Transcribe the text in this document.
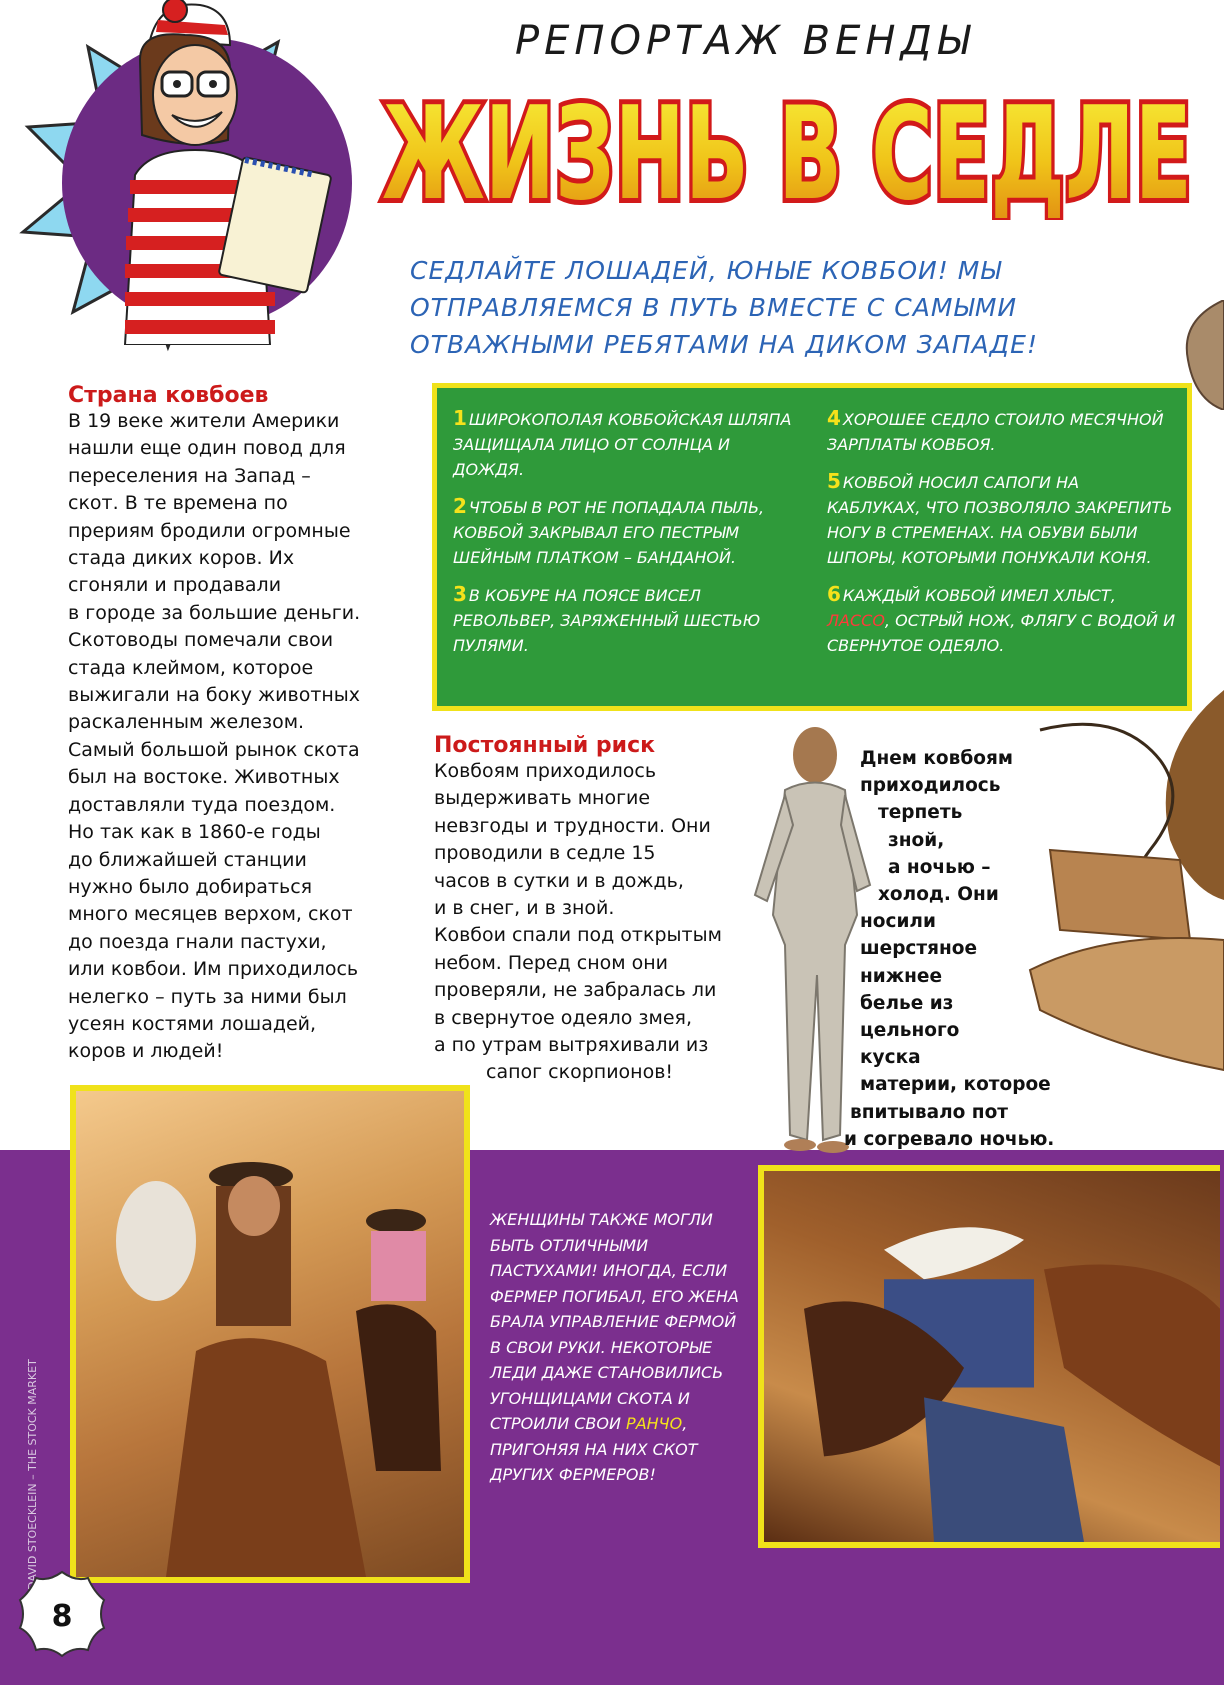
РЕПОРТАЖ ВЕНДЫ
ЖИЗНЬ В СЕДЛЕ
СЕДЛАЙТЕ ЛОШАДЕЙ, ЮНЫЕ КОВБОИ! МЫ
ОТПРАВЛЯЕМСЯ В ПУТЬ ВМЕСТЕ С САМЫМИ
ОТВАЖНЫМИ РЕБЯТАМИ НА ДИКОМ ЗАПАДЕ!
Страна ковбоев
В 19 веке жители Америки
нашли еще один повод для
переселения на Запад –
скот. В те времена по
прериям бродили огромные
стада диких коров. Их
сгоняли и продавали
в городе за большие деньги.
Скотоводы помечали свои
стада клеймом, которое
выжигали на боку животных
раскаленным железом.
Самый большой рынок скота
был на востоке. Животных
доставляли туда поездом.
Но так как в 1860-е годы
до ближайшей станции
нужно было добираться
много месяцев верхом, скот
до поезда гнали пастухи,
или ковбои. Им приходилось
нелегко – путь за ними был
усеян костями лошадей,
коров и людей!
1 ШИРОКОПОЛАЯ КОВБОЙСКАЯ ШЛЯПА ЗАЩИЩАЛА ЛИЦО ОТ СОЛНЦА И ДОЖДЯ.
2 ЧТОБЫ В РОТ НЕ ПОПАДАЛА ПЫЛЬ, КОВБОЙ ЗАКРЫВАЛ ЕГО ПЕСТРЫМ ШЕЙНЫМ ПЛАТКОМ – БАНДАНОЙ.
3 В КОБУРЕ НА ПОЯСЕ ВИСЕЛ РЕВОЛЬВЕР, ЗАРЯЖЕННЫЙ ШЕСТЬЮ ПУЛЯМИ.
4 ХОРОШЕЕ СЕДЛО СТОИЛО МЕСЯЧНОЙ ЗАРПЛАТЫ КОВБОЯ.
5 КОВБОЙ НОСИЛ САПОГИ НА КАБЛУКАХ, ЧТО ПОЗВОЛЯЛО ЗАКРЕПИТЬ НОГУ В СТРЕМЕНАХ. НА ОБУВИ БЫЛИ ШПОРЫ, КОТОРЫМИ ПОНУКАЛИ КОНЯ.
6 КАЖДЫЙ КОВБОЙ ИМЕЛ ХЛЫСТ, ЛАССО, ОСТРЫЙ НОЖ, ФЛЯГУ С ВОДОЙ И СВЕРНУТОЕ ОДЕЯЛО.
Постоянный риск
Ковбоям приходилось
выдерживать многие
невзгоды и трудности. Они
проводили в седле 15
часов в сутки и в дождь,
и в снег, и в зной.
Ковбои спали под открытым
небом. Перед сном они
проверяли, не забралась ли
в свернутое одеяло змея,
а по утрам вытряхивали из
сапог скорпионов!
Днем ковбоям
приходилось
терпеть
зной,
а ночью –
холод. Они
носили
шерстяное
нижнее
белье из
цельного
куска
материи, которое
впитывало пот
и согревало ночью.
ЖЕНЩИНЫ ТАКЖЕ МОГЛИ БЫТЬ ОТЛИЧНЫМИ ПАСТУХАМИ! ИНОГДА, ЕСЛИ ФЕРМЕР ПОГИБАЛ, ЕГО ЖЕНА БРАЛА УПРАВЛЕНИЕ ФЕРМОЙ В СВОИ РУКИ. НЕКОТОРЫЕ ЛЕДИ ДАЖЕ СТАНОВИЛИСЬ УГОНЩИЦАМИ СКОТА И СТРОИЛИ СВОИ РАНЧО, ПРИГОНЯЯ НА НИХ СКОТ ДРУГИХ ФЕРМЕРОВ!
DAVID STOECKLEIN – THE STOCK MARKET
8
